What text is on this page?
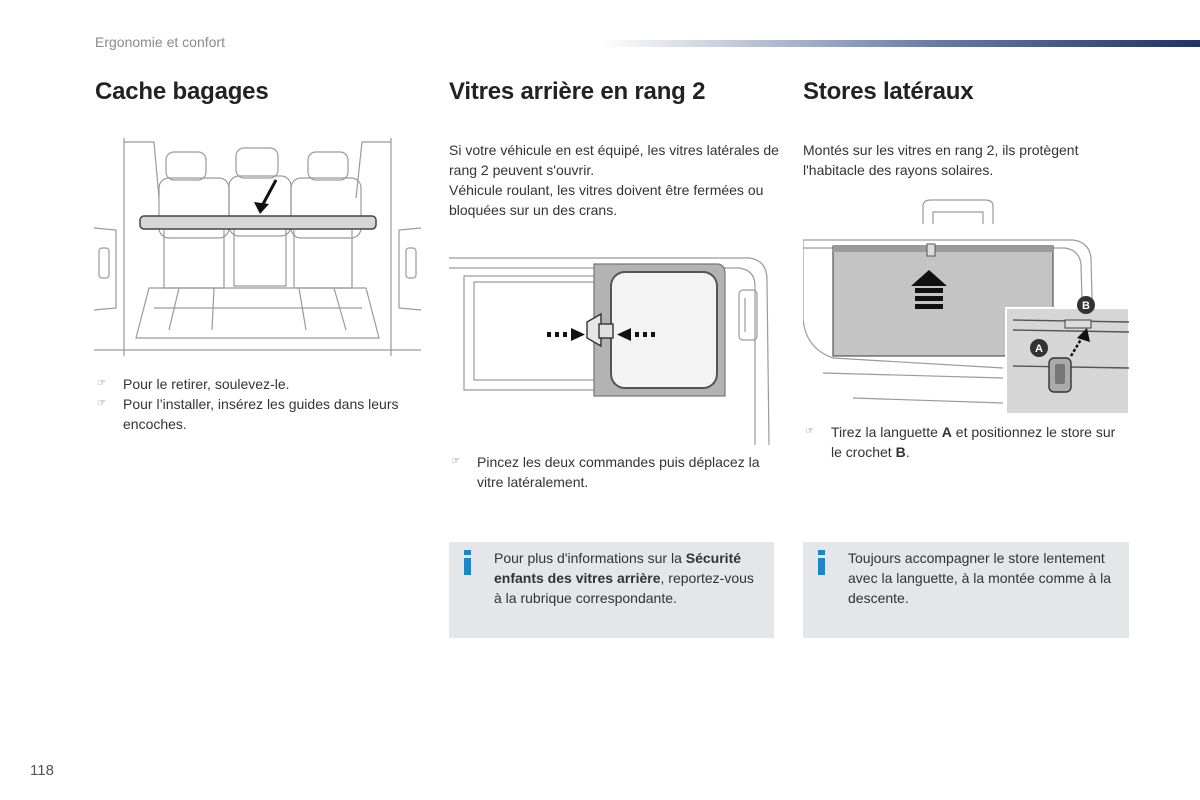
Ergonomie et confort
Cache bagages
☞	Pour le retirer, soulevez-le.
☞	Pour l’installer, insérez les guides dans leurs encoches.
Vitres arrière en rang 2

Si votre véhicule en est équipé, les vitres latérales de rang 2 peuvent s'ouvrir.

Véhicule roulant, les vitres doivent être fermées ou bloquées sur un des crans.

☞	Pincez les deux commandes puis déplacez la vitre latéralement.
Pour plus d'informations sur la Sécurité enfants des vitres arrière, reportez-vous à la rubrique correspondante.
Stores latéraux

Montés sur les vitres en rang 2, ils protègent l'habitacle des rayons solaires.

B
A
☞	Tirez la languette A et positionnez le store sur le crochet B.
Toujours accompagner le store lentement avec la languette, à la montée comme à la descente.
118
